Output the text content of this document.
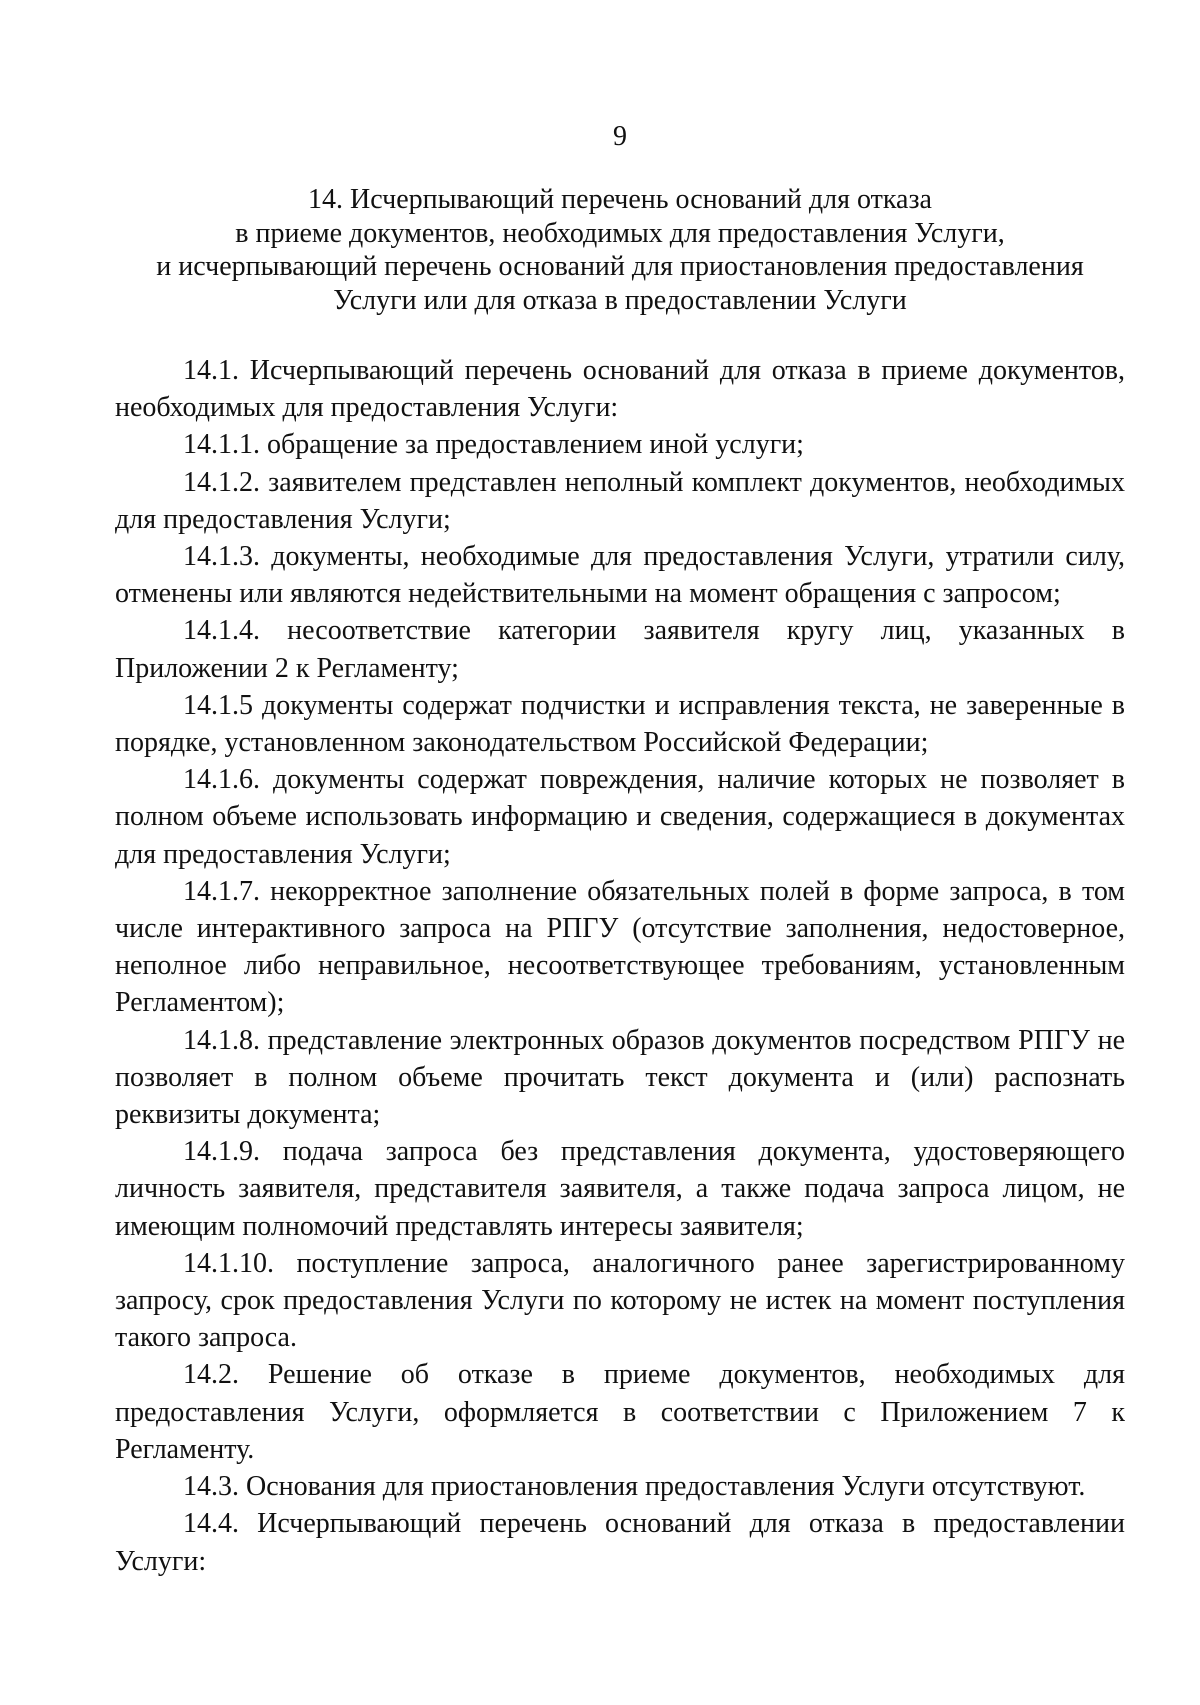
9
14. Исчерпывающий перечень оснований для отказа
в приеме документов, необходимых для предоставления Услуги,
и исчерпывающий перечень оснований для приостановления предоставления
Услуги или для отказа в предоставлении Услуги

14.1. Исчерпывающий перечень оснований для отказа в приеме документов, необходимых для предоставления Услуги:

14.1.1. обращение за предоставлением иной услуги;

14.1.2. заявителем представлен неполный комплект документов, необходимых для предоставления Услуги;

14.1.3. документы, необходимые для предоставления Услуги, утратили силу, отменены или являются недействительными на момент обращения с запросом;

14.1.4. несоответствие категории заявителя кругу лиц, указанных в Приложении 2 к Регламенту;

14.1.5 документы содержат подчистки и исправления текста, не заверенные в порядке, установленном законодательством Российской Федерации;

14.1.6. документы содержат повреждения, наличие которых не позволяет в полном объеме использовать информацию и сведения, содержащиеся в документах для предоставления Услуги;

14.1.7. некорректное заполнение обязательных полей в форме запроса, в том числе интерактивного запроса на РПГУ (отсутствие заполнения, недостоверное, неполное либо неправильное, несоответствующее требованиям, установленным Регламентом);

14.1.8. представление электронных образов документов посредством РПГУ не позволяет в полном объеме прочитать текст документа и (или) распознать реквизиты документа;

14.1.9. подача запроса без представления документа, удостоверяющего личность заявителя, представителя заявителя, а также подача запроса лицом, не имеющим полномочий представлять интересы заявителя;

14.1.10. поступление запроса, аналогичного ранее зарегистрированному запросу, срок предоставления Услуги по которому не истек на момент поступления такого запроса.

14.2. Решение об отказе в приеме документов, необходимых для предоставления Услуги, оформляется в соответствии с Приложением 7 к Регламенту.

14.3. Основания для приостановления предоставления Услуги отсутствуют.

14.4. Исчерпывающий перечень оснований для отказа в предоставлении Услуги:
